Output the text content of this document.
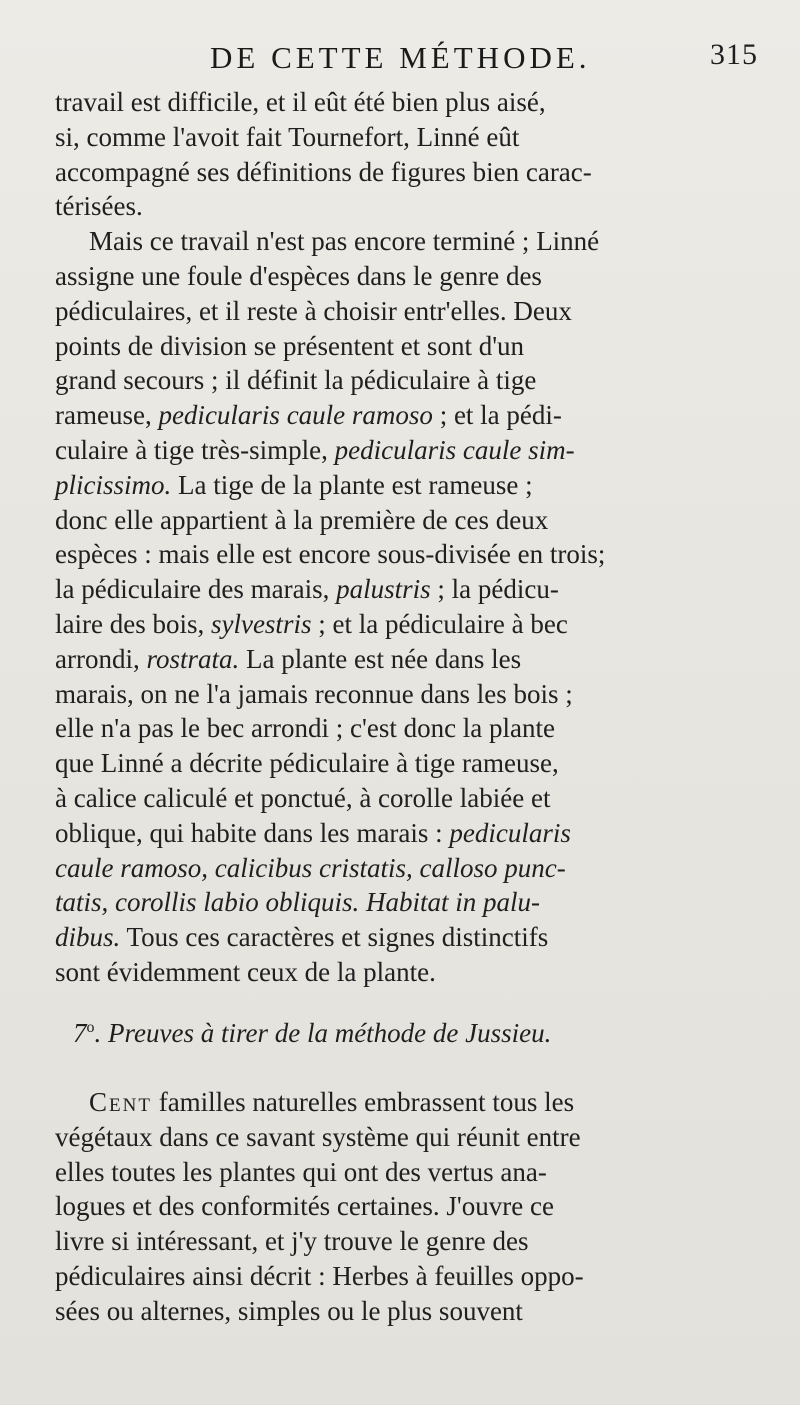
DE CETTE MÉTHODE.	315

travail est difficile, et il eût été bien plus aisé,

si, comme l'avoit fait Tournefort, Linné eût

accompagné ses définitions de figures bien carac-

térisées.

Mais ce travail n'est pas encore terminé ; Linné

assigne une foule d'espèces dans le genre des

pédiculaires, et il reste à choisir entr'elles. Deux

points de division se présentent et sont d'un

grand secours ; il définit la pédiculaire à tige

rameuse, pedicularis caule ramoso ; et la pédi-

culaire à tige très-simple, pedicularis caule sim-

plicissimo. La tige de la plante est rameuse ;

donc elle appartient à la première de ces deux

espèces : mais elle est encore sous-divisée en trois;

la pédiculaire des marais, palustris ; la pédicu-

laire des bois, sylvestris ; et la pédiculaire à bec

arrondi, rostrata. La plante est née dans les

marais, on ne l'a jamais reconnue dans les bois ;

elle n'a pas le bec arrondi ; c'est donc la plante

que Linné a décrite pédiculaire à tige rameuse,

à calice caliculé et ponctué, à corolle labiée et

oblique, qui habite dans les marais : pedicularis

caule ramoso, calicibus cristatis, calloso punc-

tatis, corollis labio obliquis. Habitat in palu-

dibus. Tous ces caractères et signes distinctifs

sont évidemment ceux de la plante.

7$^o$. Preuves à tirer de la méthode de Jussieu.

Cent familles naturelles embrassent tous les

végétaux dans ce savant système qui réunit entre

elles toutes les plantes qui ont des vertus ana-

logues et des conformités certaines. J'ouvre ce

livre si intéressant, et j'y trouve le genre des

pédiculaires ainsi décrit : Herbes à feuilles oppo-

sées ou alternes, simples ou le plus souvent
